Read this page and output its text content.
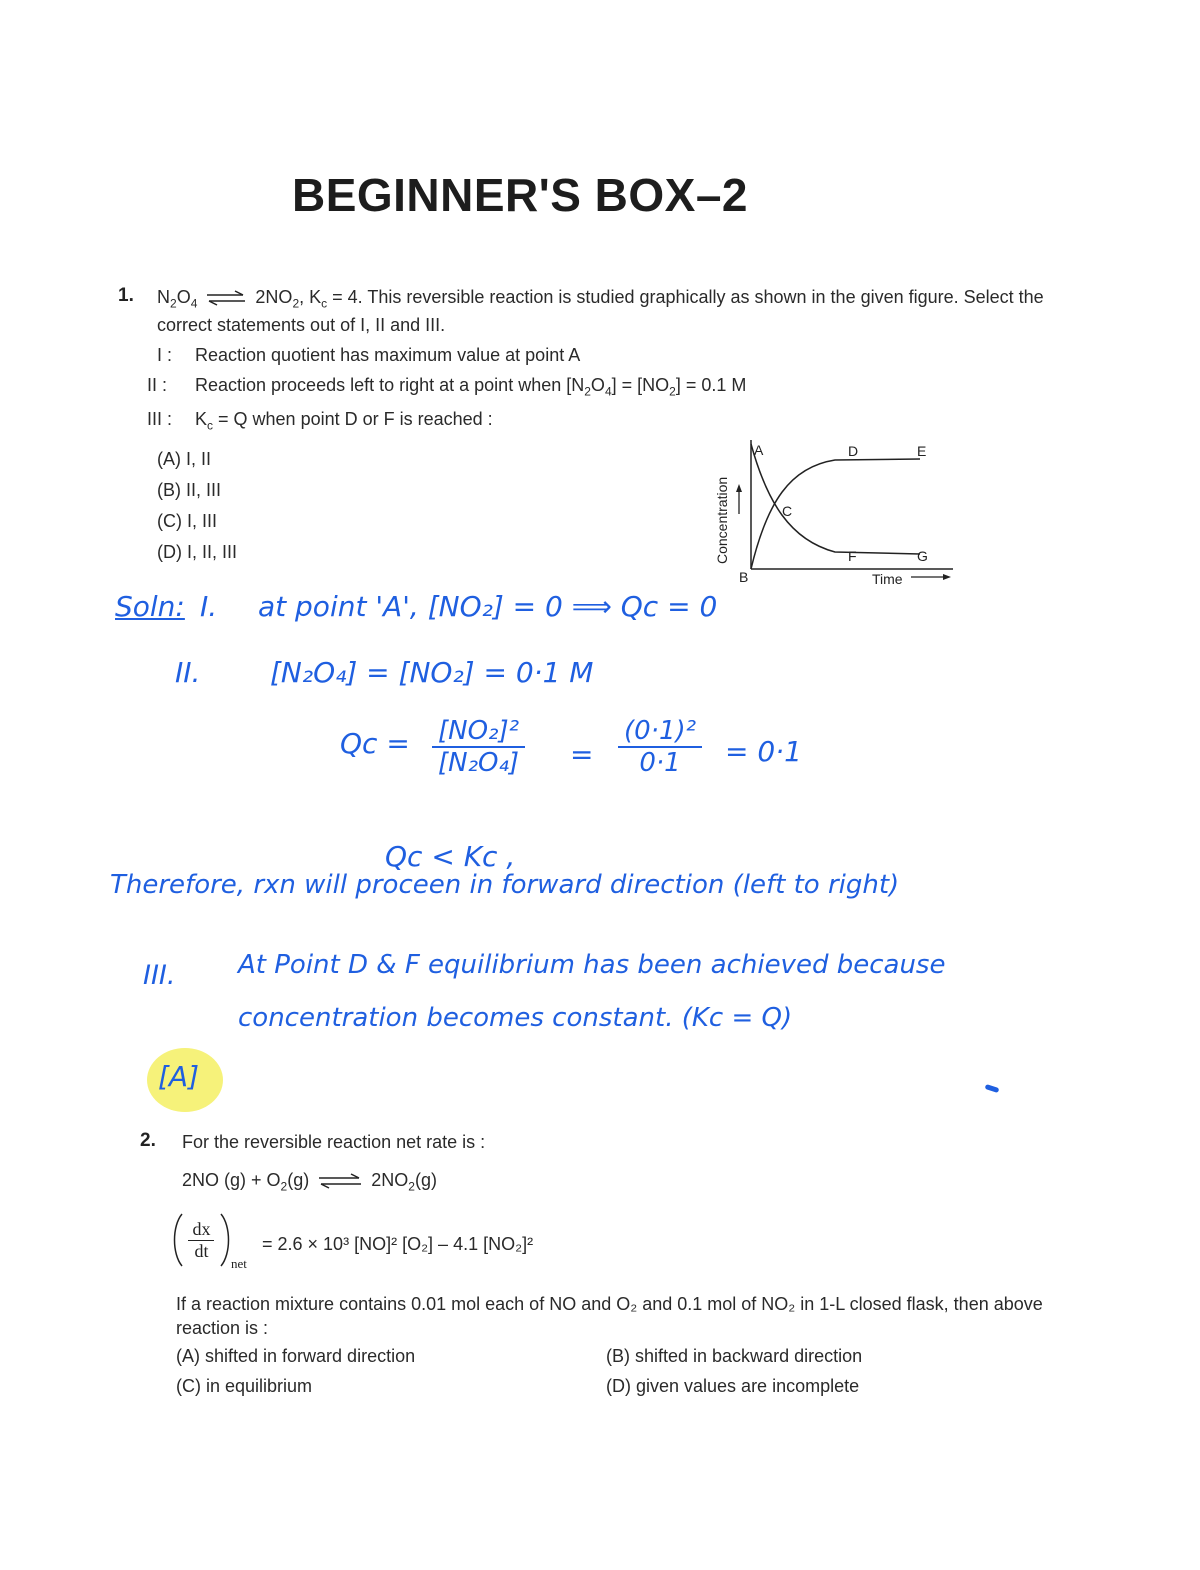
BEGINNER'S BOX–2
1. $N_2O_4$ ⇌ $2NO_2$, $K_c = 4$. This reversible reaction is studied graphically as shown in the given figure. Select the
correct statements out of I, II and III.
I : Reaction quotient has maximum value at point A
II : Reaction proceeds left to right at a point when $[N_2O_4] = [NO_2] = 0.1$ M
III : $K_c = Q$ when point D or F is reached :
(A) I, II
(B) II, III
(C) I, III
(D) I, II, III	Concentration
Time
A
B
C
D	E
F	G
Soln: I. at point 'A', [NO₂] = 0 ⟹ Qc = 0
II. [N₂O₄] = [NO₂] = 0·1 M
$Qc = \frac{\text{[NO₂]²}}{\text{[N₂O₄]}} = \frac{\text{(0·1)²}}{0\cdot 1} = 0\cdot 1$
Qc < Kc ,
Therefore, rxn will proceen in forward direction (left to right)
III. At Point D & F equilibrium has been achieved because
concentration becomes constant. (Kc = Q)
[A]
2. For the reversible reaction net rate is :
2NO $(g) + O_2(g)$ ⇌ $2NO_2(g)$

$\frac{dx}{dt}$

net
= 2.6 × 10³ [NO]² [O₂] – 4.1 [NO₂]²
If a reaction mixture contains 0.01 mol each of NO and O₂ and 0.1 mol of NO₂ in 1-L closed flask, then above
reaction is :
(A) shifted in forward direction	(B) shifted in backward direction
(C) in equilibrium	(D) given values are incomplete
